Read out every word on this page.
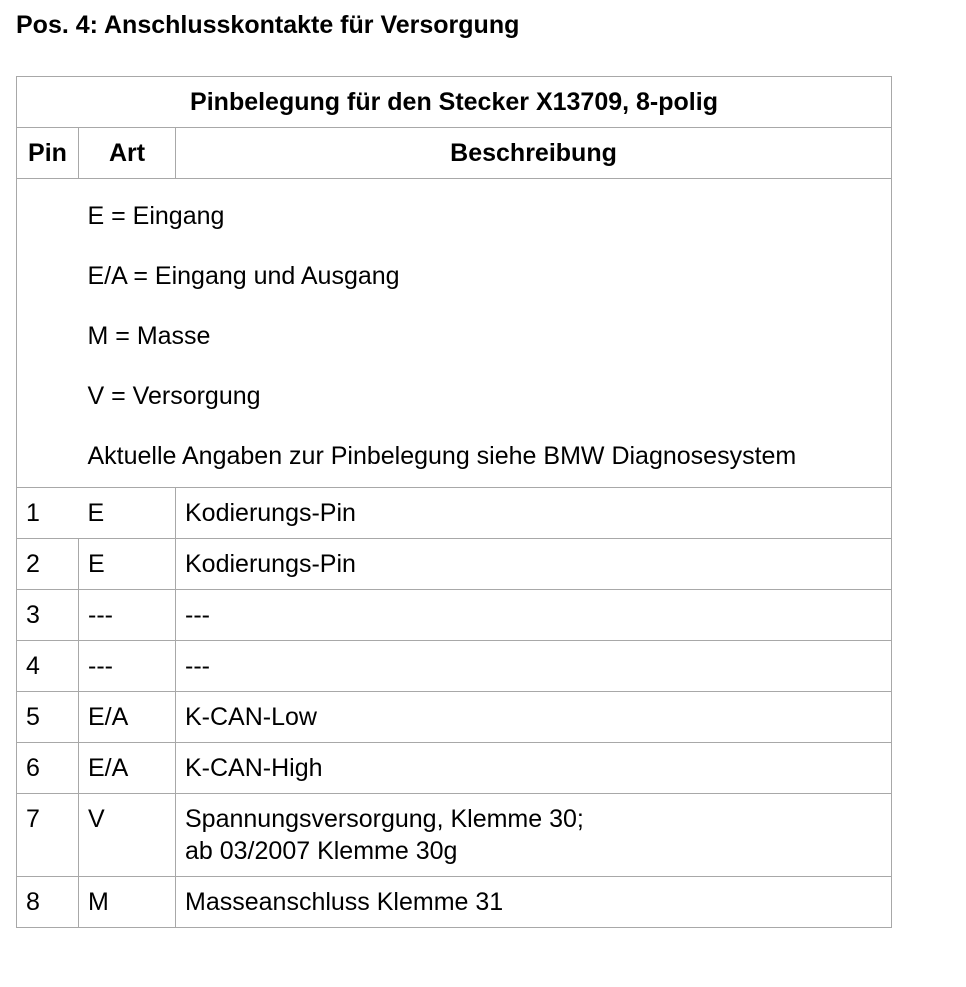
Pos. 4: Anschlusskontakte für Versorgung
Pinbelegung für den Stecker X13709, 8-polig		
Pin	Art	Beschreibung

	E = Eingang
E/A = Eingang und Ausgang
M = Masse
V = Versorgung
Aktuelle Angaben zur Pinbelegung siehe BMW Diagnosesystem	

1	E	Kodierungs-Pin

2	E	Kodierungs-Pin

3	---	---

4	---	---

5	E/A	K-CAN-Low

6	E/A	K-CAN-High

7	V	Spannungsversorgung, Klemme 30;
ab 03/2007 Klemme 30g

8	M	Masseanschluss Klemme 31
